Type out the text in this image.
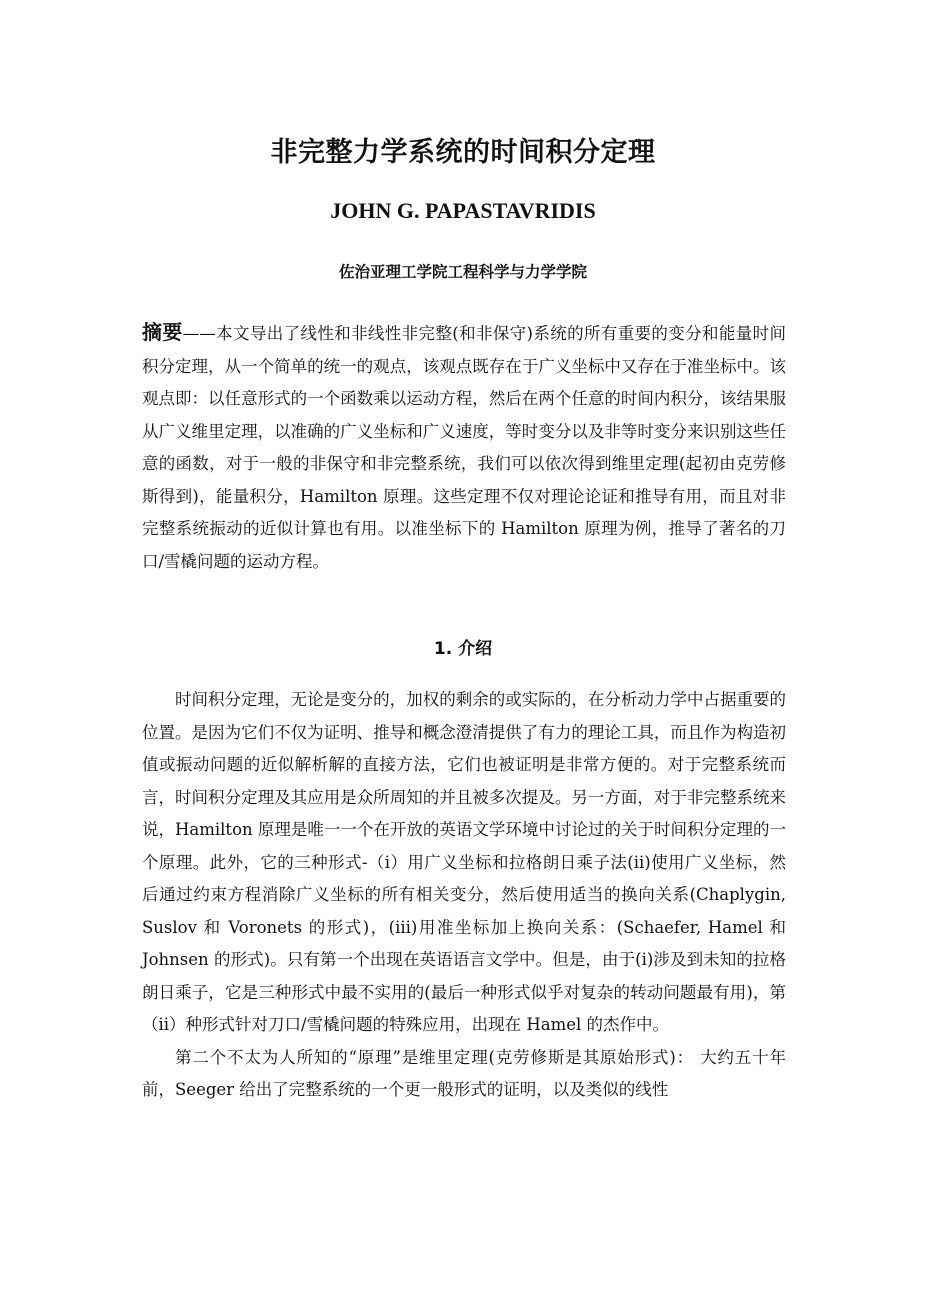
非完整力学系统的时间积分定理
JOHN G. PAPASTAVRIDIS
佐治亚理工学院工程科学与力学学院
摘要——本文导出了线性和非线性非完整(和非保守)系统的所有重要的变分和能量时间积分定理，从一个简单的统一的观点，该观点既存在于广义坐标中又存在于准坐标中。该观点即：以任意形式的一个函数乘以运动方程，然后在两个任意的时间内积分，该结果服从广义维里定理，以准确的广义坐标和广义速度，等时变分以及非等时变分来识别这些任意的函数，对于一般的非保守和非完整系统，我们可以依次得到维里定理(起初由克劳修斯得到)，能量积分，Hamilton 原理。这些定理不仅对理论论证和推导有用，而且对非完整系统振动的近似计算也有用。以准坐标下的 Hamilton 原理为例，推导了著名的刀口/雪橇问题的运动方程。
1. 介绍

时间积分定理，无论是变分的，加权的剩余的或实际的，在分析动力学中占据重要的位置。是因为它们不仅为证明、推导和概念澄清提供了有力的理论工具，而且作为构造初值或振动问题的近似解析解的直接方法，它们也被证明是非常方便的。对于完整系统而言，时间积分定理及其应用是众所周知的并且被多次提及。另一方面，对于非完整系统来说，Hamilton 原理是唯一一个在开放的英语文学环境中讨论过的关于时间积分定理的一个原理。此外，它的三种形式-（i）用广义坐标和拉格朗日乘子法(ii)使用广义坐标，然后通过约束方程消除广义坐标的所有相关变分，然后使用适当的换向关系(Chaplygin, Suslov 和 Voronets 的形式)，(iii)用准坐标加上换向关系：(Schaefer, Hamel 和 Johnsen 的形式)。只有第一个出现在英语语言文学中。但是，由于(i)涉及到未知的拉格朗日乘子，它是三种形式中最不实用的(最后一种形式似乎对复杂的转动问题最有用)，第（ii）种形式针对刀口/雪橇问题的特殊应用，出现在 Hamel 的杰作中。

第二个不太为人所知的“原理”是维里定理(克劳修斯是其原始形式)： 大约五十年前，Seeger 给出了完整系统的一个更一般形式的证明，以及类似的线性
